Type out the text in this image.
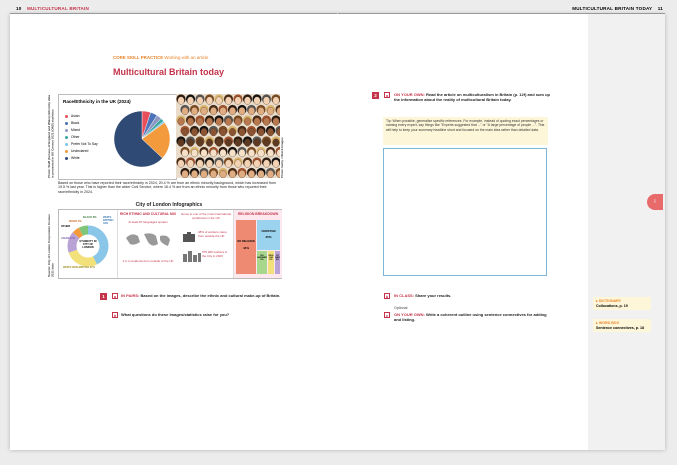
10 MULTICULTURAL BRITAIN	MULTICULTURAL BRITAIN TODAY 11
CORE SKILL PRACTICE Working with an article
Multicultural Britain today
Photo: Staff (Census of England and Wales) Ethnicity data is presented in UK Census 2021 (ONS) statistics
Race/Ethnicity in the UK (2024)
Asian
Black
Mixed
Other
Prefer Not To Say
Undeclared
White	Photo: Getty / iStock Images
Based on those who have reported their race/ethnicity in 2024, 20.4 % are from an ethnic minority background, which has increased from 19.5 % last year. This is higher than the wider Civil Service, where 16.4 % are from an ethnic minority from those who reported their race/ethnicity in 2024.
City of London Infographics
Source: City of London Corporation Census 2021 data
ETHNICITY IN CITY OF LONDON
BLACK 8%
MIXED 6%
OTHER
ASIAN 17%
WHITE BRITISH
43%
WHITE NON-BRITISH 27%
RICH ETHNIC AND CULTURAL MIX
At least 87 languages spoken
1 in 2 residents born outside of the UK
Home to one of the most international workforces in the UK
48% of workers came from outside the UK
575,000 workers in the City in 2023
RELIGION BREAKDOWN
NO RELIGION
44%
CHRISTIAN
35%
NO ANSWER
9%
MUS LIM
5%
OT HER
5%
1	a	IN PAIRS: Based on the images, describe the ethnic and cultural make-up of Britain.
b	What questions do these images/statistics raise for you?
2	a	ON YOUR OWN: Read the article on multiculturalism in Britain (p. 12f) and sum up the information about the reality of multicultural Britain today.
Tip: When possible, generalise specific references. For example, instead of quoting exact percentages or naming every expert, say things like "Experts suggested that ..." or "A large percentage of people ...". This will help to keep your summary headline short and focused on the main idea rather than detailed data.
b	IN CLASS: Share your results.
Optional
c	ON YOUR OWN: Write a coherent outline using sentence connectives for adding and listing.
I
▸ DICTIONARY
Collocations, p. 19
▸ WORD BOX
Sentence connectives, p. 18
